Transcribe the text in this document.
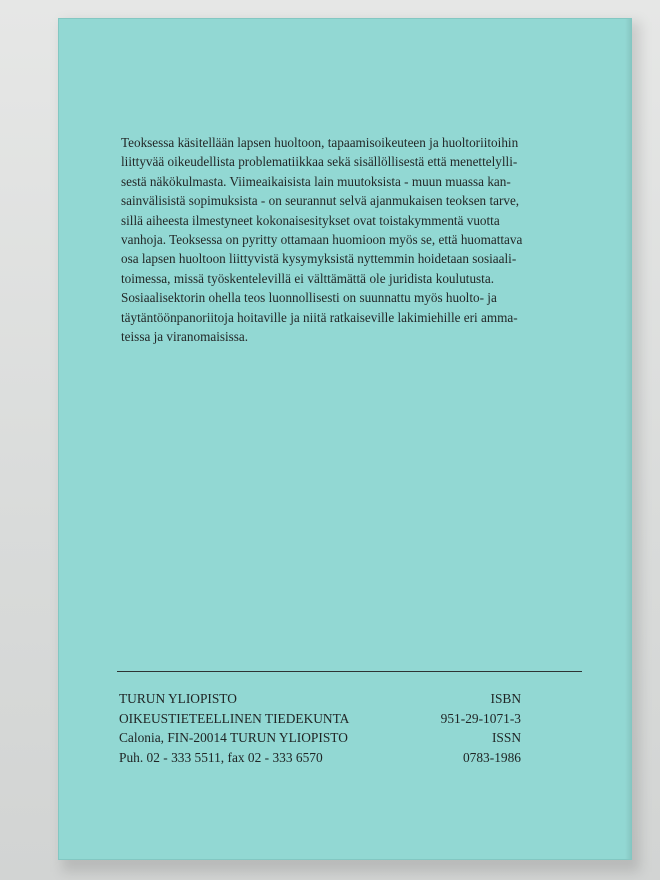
Teoksessa käsitellään lapsen huoltoon, tapaamisoikeuteen ja huoltoriitoihin
liittyvää oikeudellista problematiikkaa sekä sisällöllisestä että menettelylli-
sestä näkökulmasta. Viimeaikaisista lain muutoksista - muun muassa kan-
sainvälisistä sopimuksista - on seurannut selvä ajanmukaisen teoksen tarve,
sillä aiheesta ilmestyneet kokonaisesitykset ovat toistakymmentä vuotta
vanhoja. Teoksessa on pyritty ottamaan huomioon myös se, että huomattava
osa lapsen huoltoon liittyvistä kysymyksistä nyttemmin hoidetaan sosiaali-
toimessa, missä työskentelevillä ei välttämättä ole juridista koulutusta.
Sosiaalisektorin ohella teos luonnollisesti on suunnattu myös huolto- ja
täytäntöönpanoriitoja hoitaville ja niitä ratkaiseville lakimiehille eri amma-
teissa ja viranomaisissa.

TURUN YLIOPISTO
OIKEUSTIETEELLINEN TIEDEKUNTA
Calonia, FIN-20014 TURUN YLIOPISTO
Puh. 02 - 333 5511, fax 02 - 333 6570
ISBN
951-29-1071-3
ISSN
0783-1986
